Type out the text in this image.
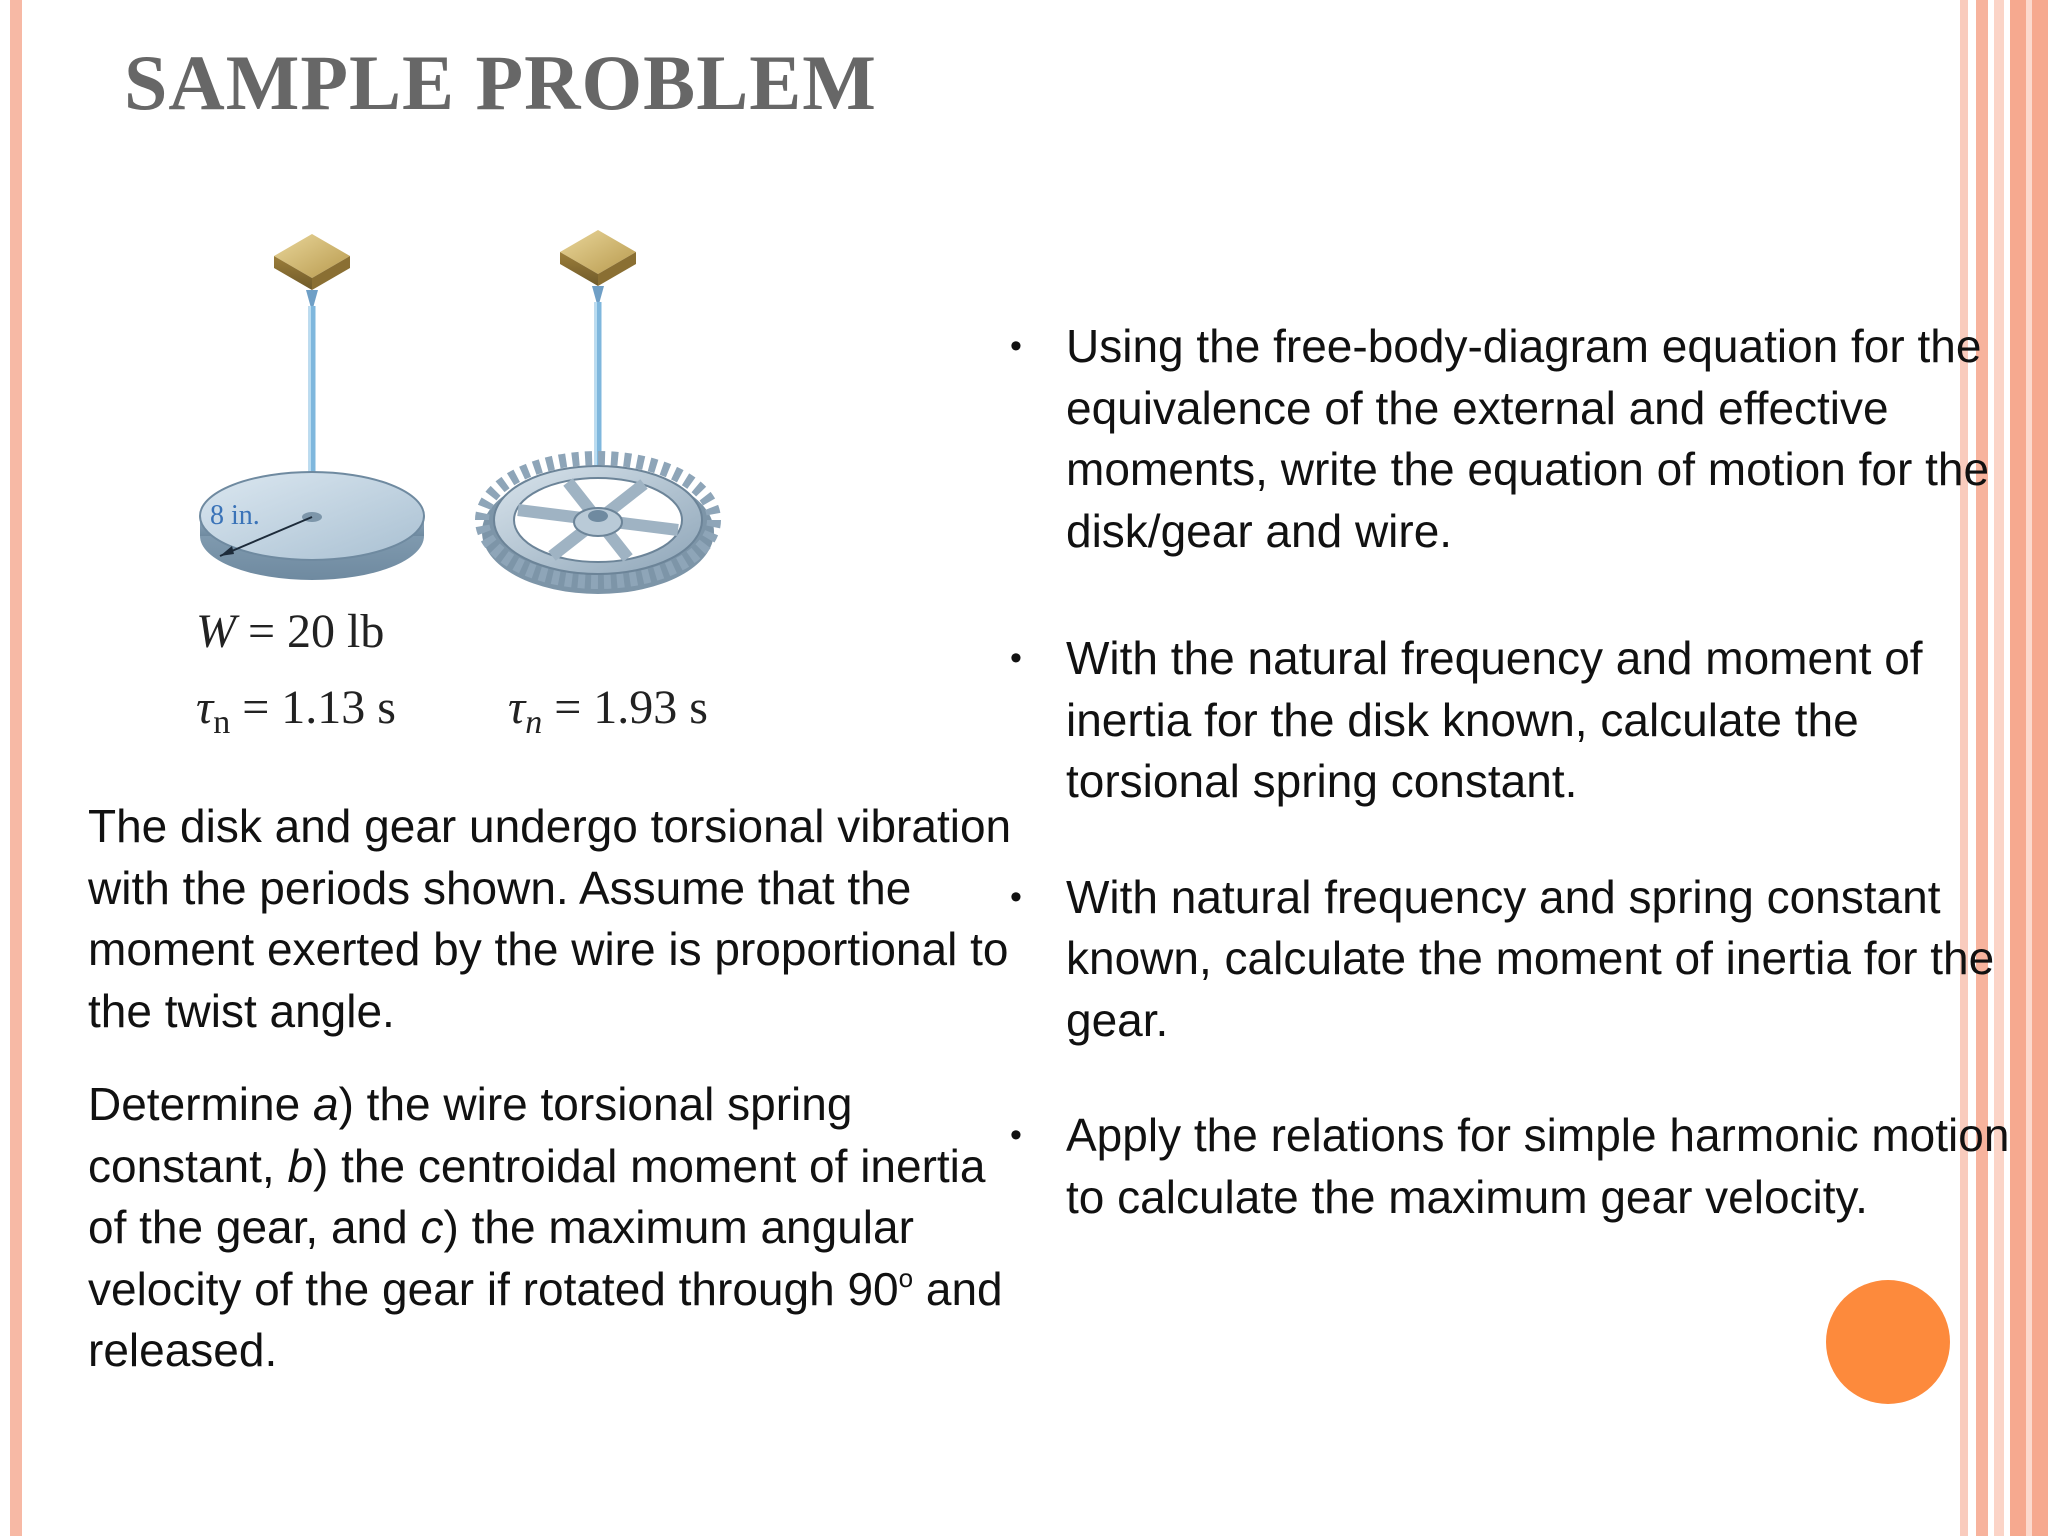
SAMPLE PROBLEM
8 in.
W = 20 lb
$\tau_n = 1.13$ s $\tau_n = 1.93$ s

The disk and gear undergo torsional vibration with the periods shown. Assume that the moment exerted by the wire is proportional to the twist angle.

Determine a) the wire torsional spring constant, b) the centroidal moment of inertia of the gear, and c) the maximum angular velocity of the gear if rotated through 90$^o$ and released.

• Using the free-body-diagram equation for the equivalence of the external and effective moments, write the equation of motion for the disk/gear and wire.
• With the natural frequency and moment of inertia for the disk known, calculate the torsional spring constant.
• With natural frequency and spring constant known, calculate the moment of inertia for the gear.
• Apply the relations for simple harmonic motion to calculate the maximum gear velocity.
